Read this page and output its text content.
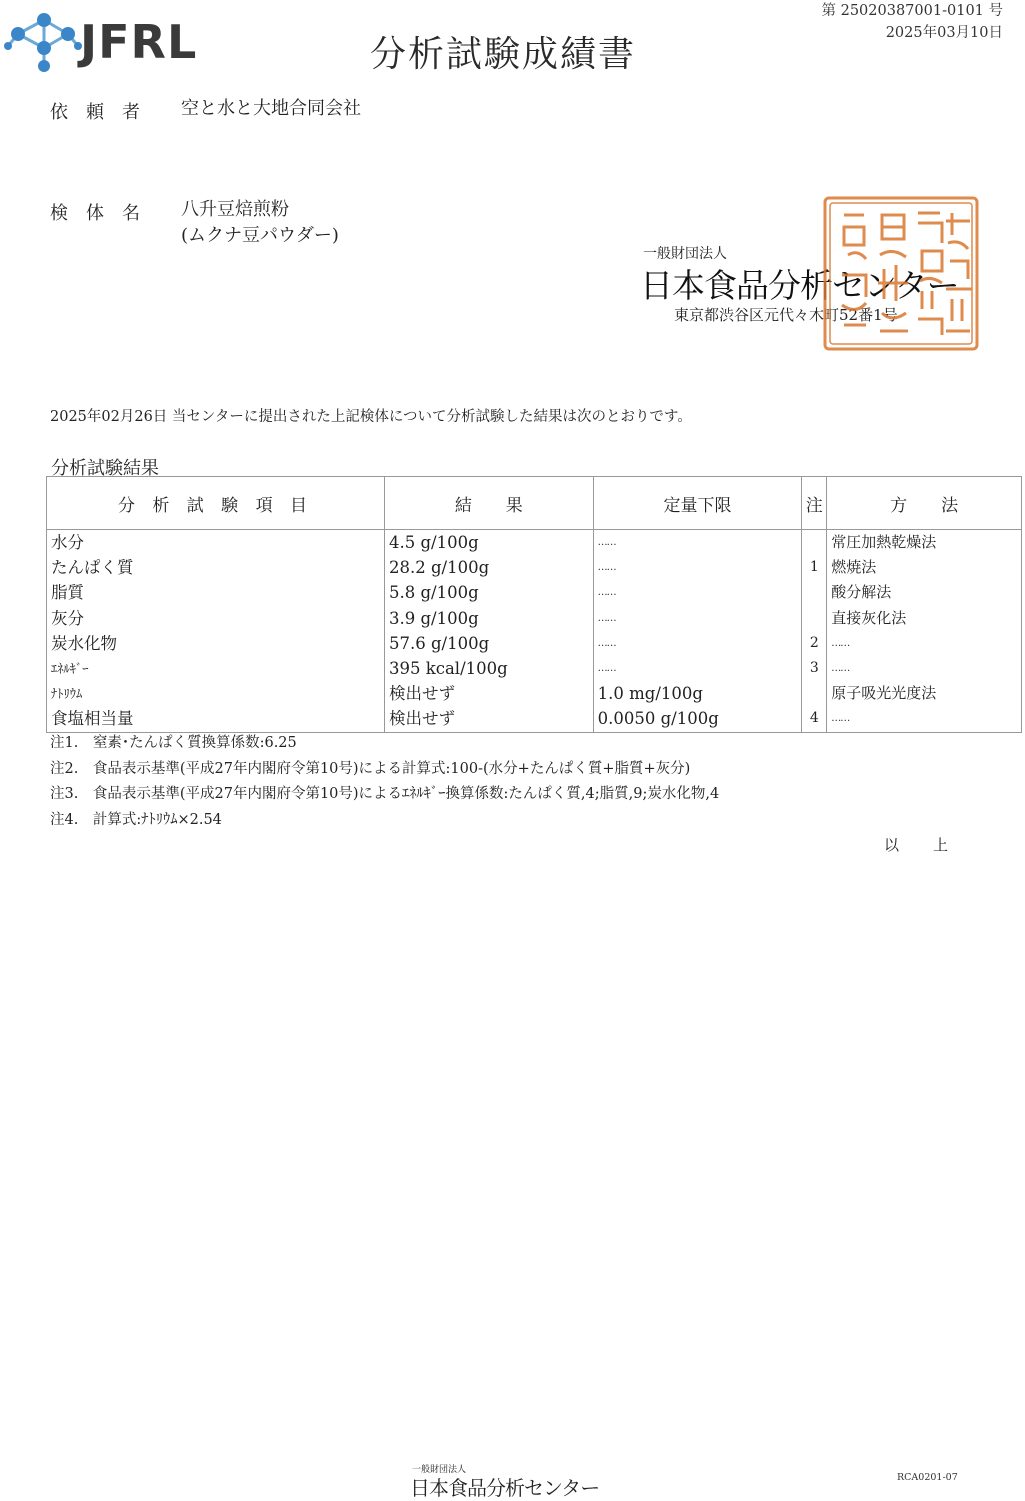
JFRL	分析試験成績書
第 25020387001-0101 号
2025年03月10日
依頼者 空と水と大地合同会社
検体名 八升豆焙煎粉
(ムクナ豆パウダー)
一般財団法人
日本食品分析センター
東京都渋谷区元代々木町52番1号
2025年02月26日 当センターに提出された上記検体について分析試験した結果は次のとおりです。
分析試験結果
分 析 試 験 項 目	結　　果	定量下限	注	方　　法
水分	4.5 g/100g	……		常圧加熱乾燥法
たんぱく質	28.2 g/100g	……	1	燃焼法
脂質	5.8 g/100g	……		酸分解法
灰分	3.9 g/100g	……		直接灰化法
炭水化物	57.6 g/100g	……	2	……
ｴﾈﾙｷﾞｰ	395 kcal/100g	……	3	……
ﾅﾄﾘｳﾑ	検出せず	1.0 mg/100g		原子吸光光度法
食塩相当量	検出せず	0.0050 g/100g	4	……
注1.　窒素･たんぱく質換算係数:6.25
注2.　食品表示基準(平成27年内閣府令第10号)による計算式:100-(水分+たんぱく質+脂質+灰分)
注3.　食品表示基準(平成27年内閣府令第10号)によるｴﾈﾙｷﾞｰ換算係数:たんぱく質,4;脂質,9;炭水化物,4
注4.　計算式:ﾅﾄﾘｳﾑ×2.54
以上
一般財団法人
日本食品分析センター	RCA0201-07
